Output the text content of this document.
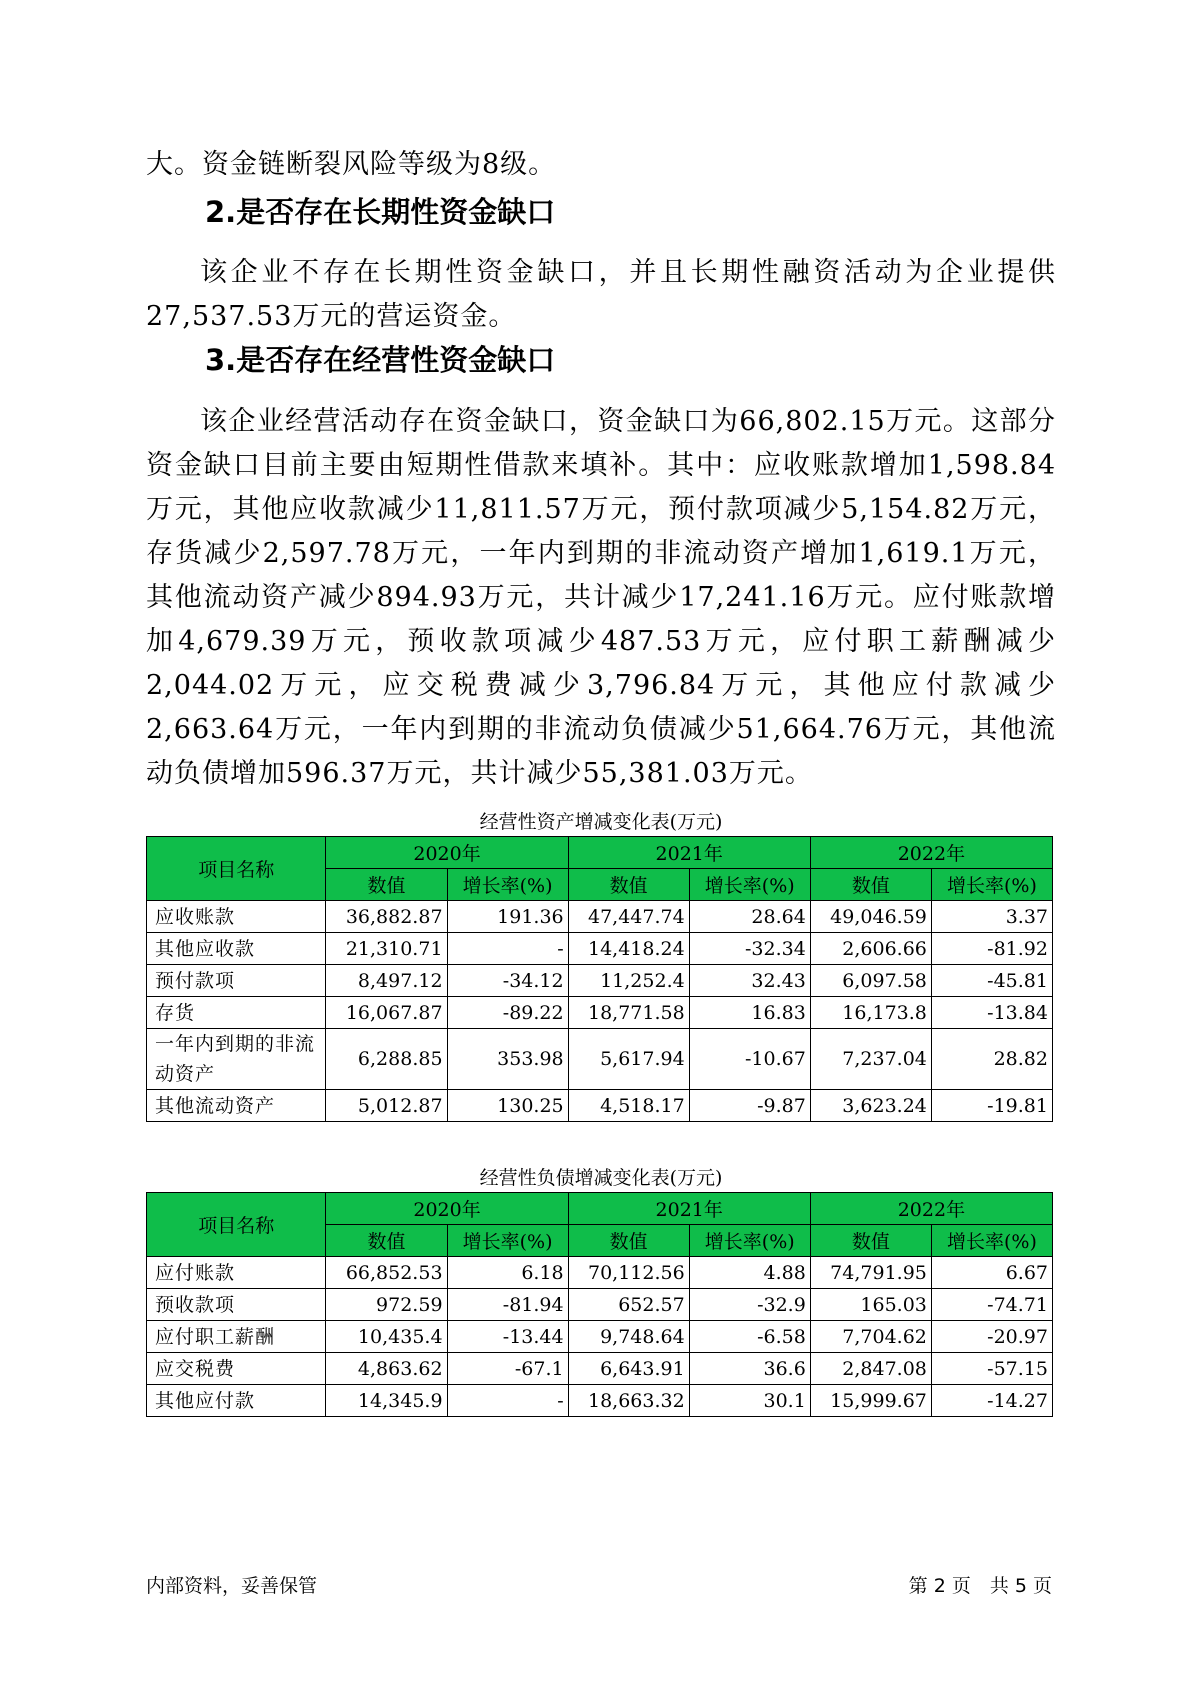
大。资金链断裂风险等级为8级。
2.是否存在长期性资金缺口
该企业不存在长期性资金缺口，并且长期性融资活动为企业提供27,537.53万元的营运资金。
3.是否存在经营性资金缺口
该企业经营活动存在资金缺口，资金缺口为66,802.15万元。这部分资金缺口目前主要由短期性借款来填补。其中：应收账款增加1,598.84万元，其他应收款减少11,811.57万元，预付款项减少5,154.82万元，存货减少2,597.78万元，一年内到期的非流动资产增加1,619.1万元，其他流动资产减少894.93万元，共计减少17,241.16万元。应付账款增加4,679.39万元，预收款项减少487.53万元，应付职工薪酬减少2,044.02万元，应交税费减少3,796.84万元，其他应付款减少2,663.64万元，一年内到期的非流动负债减少51,664.76万元，其他流动负债增加596.37万元，共计减少55,381.03万元。
经营性资产增减变化表(万元)
项目名称	2020年		2021年		2022年	
	数值	增长率(%)	数值	增长率(%)	数值	增长率(%)
应收账款	36,882.87	191.36	47,447.74	28.64	49,046.59	3.37
其他应收款	21,310.71	-	14,418.24	-32.34	2,606.66	-81.92
预付款项	8,497.12	-34.12	11,252.4	32.43	6,097.58	-45.81
存货	16,067.87	-89.22	18,771.58	16.83	16,173.8	-13.84
一年内到期的非流动资产	6,288.85	353.98	5,617.94	-10.67	7,237.04	28.82
其他流动资产	5,012.87	130.25	4,518.17	-9.87	3,623.24	-19.81
经营性负债增减变化表(万元)
项目名称	2020年		2021年		2022年	
	数值	增长率(%)	数值	增长率(%)	数值	增长率(%)
应付账款	66,852.53	6.18	70,112.56	4.88	74,791.95	6.67
预收款项	972.59	-81.94	652.57	-32.9	165.03	-74.71
应付职工薪酬	10,435.4	-13.44	9,748.64	-6.58	7,704.62	-20.97
应交税费	4,863.62	-67.1	6,643.91	36.6	2,847.08	-57.15
其他应付款	14,345.9	-	18,663.32	30.1	15,999.67	-14.27
内部资料，妥善保管	第 2 页　共 5 页
